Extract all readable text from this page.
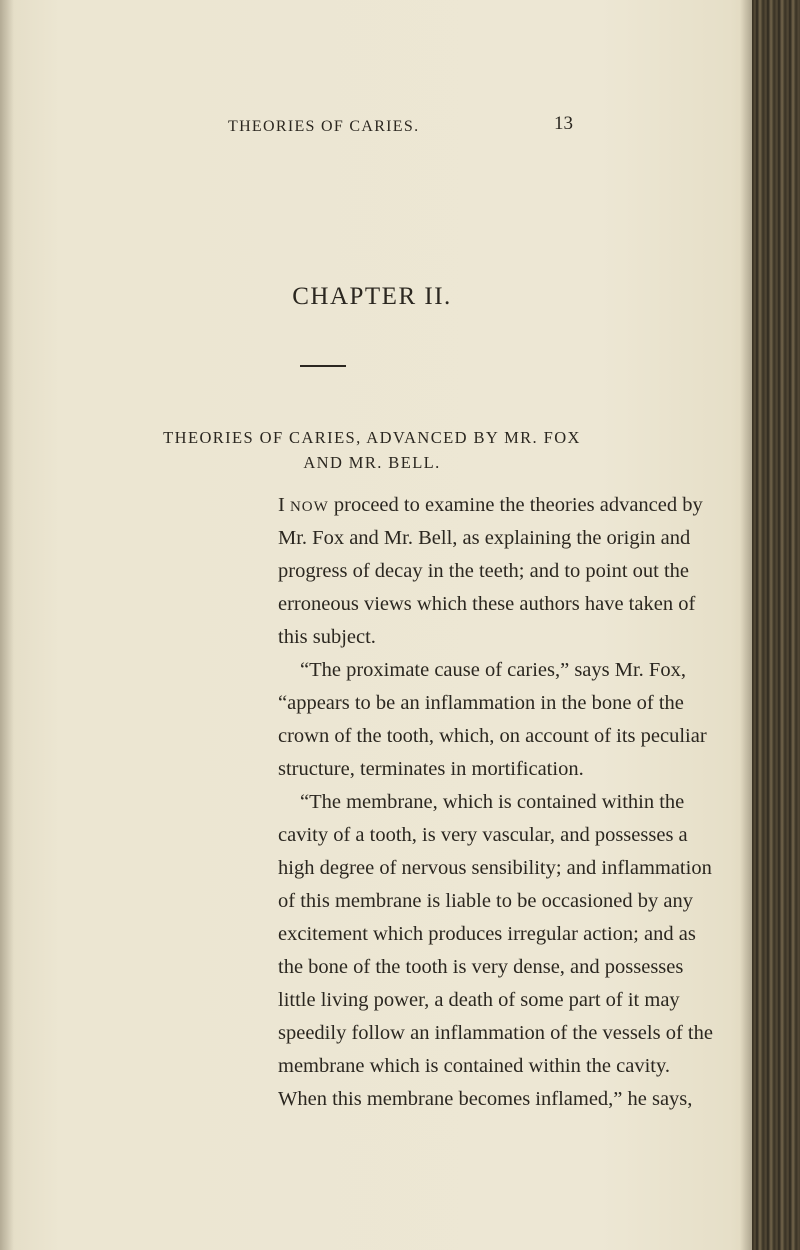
THEORIES OF CARIES.	13
CHAPTER II.
THEORIES OF CARIES, ADVANCED BY MR. FOX
AND MR. BELL.
I NOW proceed to examine the theories advanced by
Mr. Fox and Mr. Bell, as explaining the origin and
progress of decay in the teeth; and to point out the
erroneous views which these authors have taken of
this subject.
“The proximate cause of caries,” says Mr. Fox,
“appears to be an inflammation in the bone of the
crown of the tooth, which, on account of its peculiar
structure, terminates in mortification.
“The membrane, which is contained within the
cavity of a tooth, is very vascular, and possesses a
high degree of nervous sensibility; and inflammation
of this membrane is liable to be occasioned by any
excitement which produces irregular action; and as
the bone of the tooth is very dense, and possesses
little living power, a death of some part of it may
speedily follow an inflammation of the vessels of the
membrane which is contained within the cavity.
When this membrane becomes inflamed,” he says,
